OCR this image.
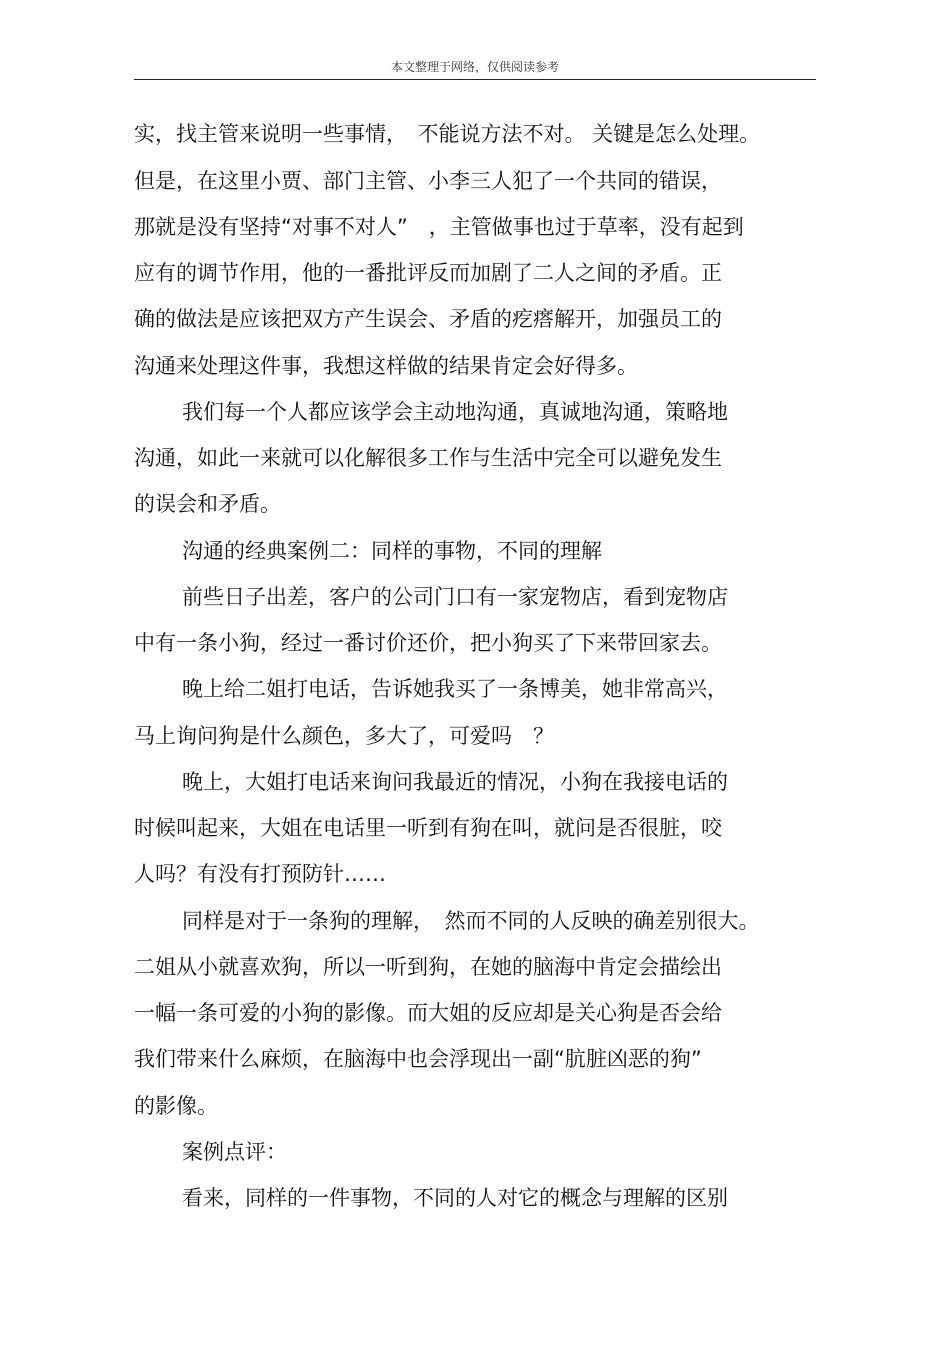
本文整理于网络，仅供阅读参考
实，找主管来说明一些事情，　不能说方法不对。 关键是怎么处理。
但是，在这里小贾、部门主管、小李三人犯了一个共同的错误，
那就是没有坚持“对事不对人”　，主管做事也过于草率，没有起到
应有的调节作用，他的一番批评反而加剧了二人之间的矛盾。正
确的做法是应该把双方产生误会、矛盾的疙瘩解开，加强员工的
沟通来处理这件事，我想这样做的结果肯定会好得多。
我们每一个人都应该学会主动地沟通，真诚地沟通，策略地
沟通，如此一来就可以化解很多工作与生活中完全可以避免发生
的误会和矛盾。
沟通的经典案例二：同样的事物，不同的理解
前些日子出差，客户的公司门口有一家宠物店，看到宠物店
中有一条小狗，经过一番讨价还价，把小狗买了下来带回家去。
晚上给二姐打电话，告诉她我买了一条博美，她非常高兴，
马上询问狗是什么颜色，多大了，可爱吗　？
晚上，大姐打电话来询问我最近的情况，小狗在我接电话的
时候叫起来，大姐在电话里一听到有狗在叫，就问是否很脏，咬
人吗？有没有打预防针……
同样是对于一条狗的理解，　然而不同的人反映的确差别很大。
二姐从小就喜欢狗，所以一听到狗，在她的脑海中肯定会描绘出
一幅一条可爱的小狗的影像。而大姐的反应却是关心狗是否会给
我们带来什么麻烦，在脑海中也会浮现出一副“肮脏凶恶的狗”
的影像。
案例点评：
看来，同样的一件事物，不同的人对它的概念与理解的区别
